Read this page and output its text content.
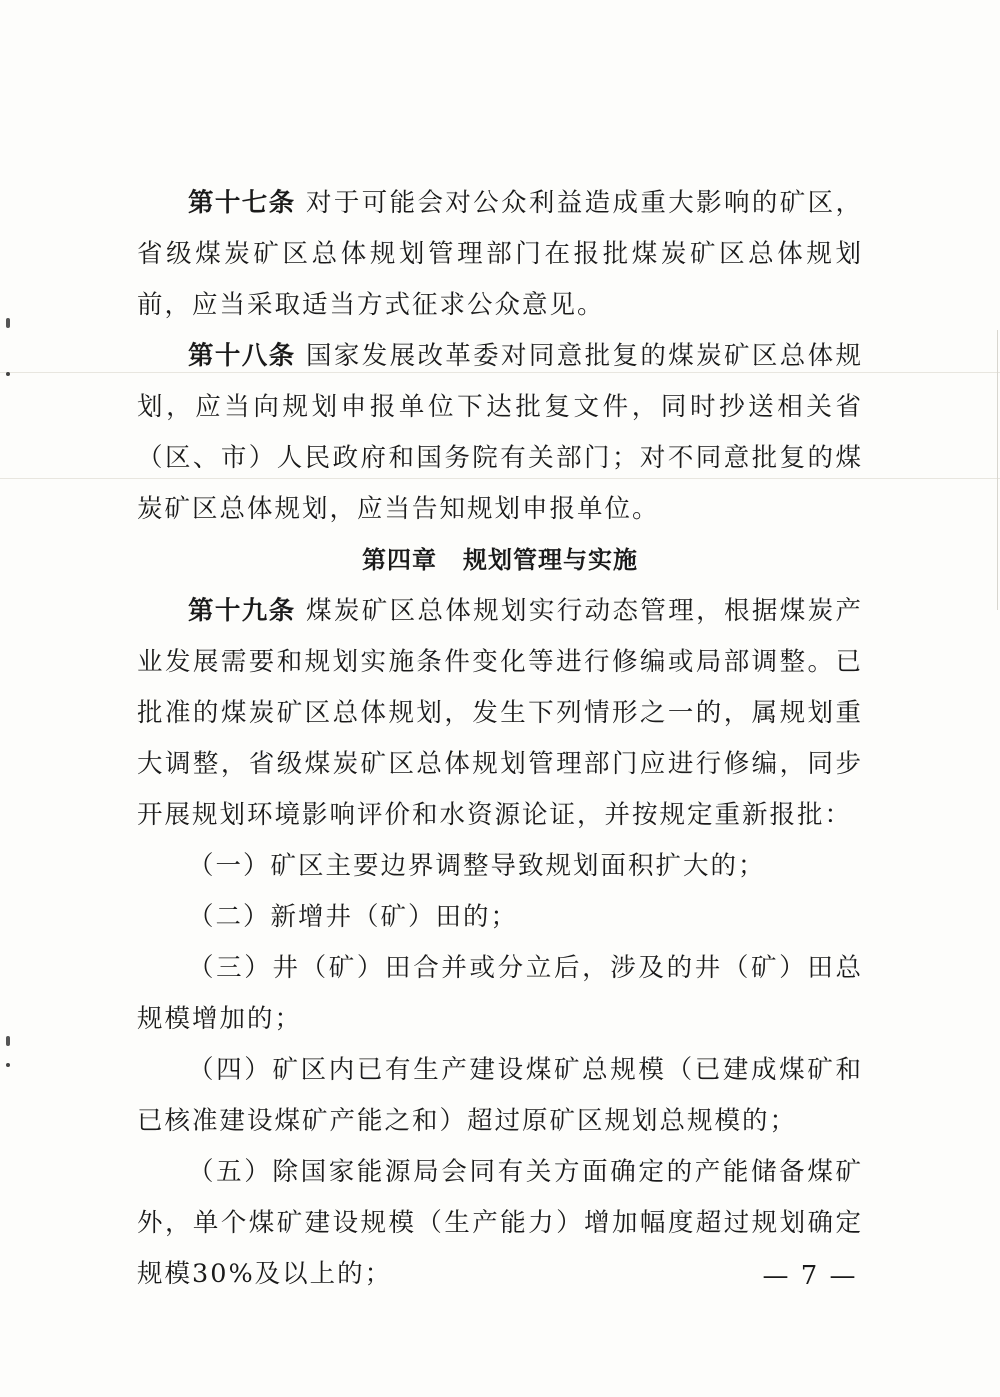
第十七条 对于可能会对公众利益造成重大影响的矿区，省级煤炭矿区总体规划管理部门在报批煤炭矿区总体规划前，应当采取适当方式征求公众意见。

第十八条 国家发展改革委对同意批复的煤炭矿区总体规划，应当向规划申报单位下达批复文件，同时抄送相关省（区、市）人民政府和国务院有关部门；对不同意批复的煤炭矿区总体规划，应当告知规划申报单位。

第四章 规划管理与实施

第十九条 煤炭矿区总体规划实行动态管理，根据煤炭产业发展需要和规划实施条件变化等进行修编或局部调整。已批准的煤炭矿区总体规划，发生下列情形之一的，属规划重大调整，省级煤炭矿区总体规划管理部门应进行修编，同步开展规划环境影响评价和水资源论证，并按规定重新报批：

（一）矿区主要边界调整导致规划面积扩大的；

（二）新增井（矿）田的；

（三）井（矿）田合并或分立后，涉及的井（矿）田总规模增加的；

（四）矿区内已有生产建设煤矿总规模（已建成煤矿和已核准建设煤矿产能之和）超过原矿区规划总规模的；

（五）除国家能源局会同有关方面确定的产能储备煤矿外，单个煤矿建设规模（生产能力）增加幅度超过规划确定规模30%及以上的；	— 7 —
